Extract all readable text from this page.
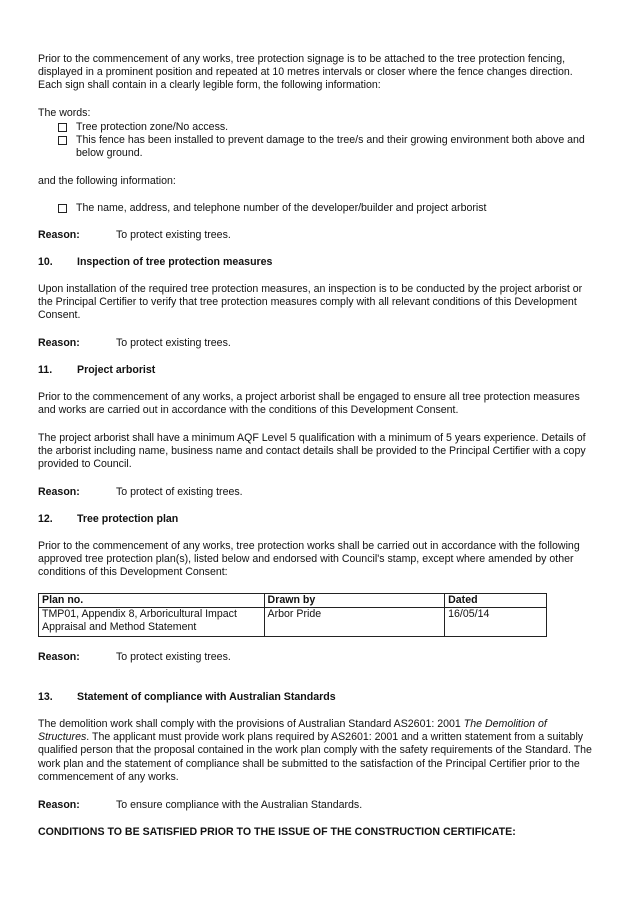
Prior to the commencement of any works, tree protection signage is to be attached to the tree protection fencing, displayed in a prominent position and repeated at 10 metres intervals or closer where the fence changes direction. Each sign shall contain in a clearly legible form, the following information:

The words:

Tree protection zone/No access.
This fence has been installed to prevent damage to the tree/s and their growing environment both above and below ground.

and the following information:

The name, address, and telephone number of the developer/builder and project arborist
Reason:	To protect existing trees.
10.	Inspection of tree protection measures

Upon installation of the required tree protection measures, an inspection is to be conducted by the project arborist or the Principal Certifier to verify that tree protection measures comply with all relevant conditions of this Development Consent.

Reason:	To protect existing trees.
11.	Project arborist

Prior to the commencement of any works, a project arborist shall be engaged to ensure all tree protection measures and works are carried out in accordance with the conditions of this Development Consent.

The project arborist shall have a minimum AQF Level 5 qualification with a minimum of 5 years experience. Details of the arborist including name, business name and contact details shall be provided to the Principal Certifier with a copy provided to Council.

Reason:	To protect of existing trees.
12.	Tree protection plan

Prior to the commencement of any works, tree protection works shall be carried out in accordance with the following approved tree protection plan(s), listed below and endorsed with Council's stamp, except where amended by other conditions of this Development Consent:

Plan no.	Drawn by	Dated
TMP01, Appendix 8, Arboricultural Impact Appraisal and Method Statement	Arbor Pride	16/05/14
Reason:	To protect existing trees.
13.	Statement of compliance with Australian Standards

The demolition work shall comply with the provisions of Australian Standard AS2601: 2001 The Demolition of Structures. The applicant must provide work plans required by AS2601: 2001 and a written statement from a suitably qualified person that the proposal contained in the work plan comply with the safety requirements of the Standard. The work plan and the statement of compliance shall be submitted to the satisfaction of the Principal Certifier prior to the commencement of any works.

Reason:	To ensure compliance with the Australian Standards.

CONDITIONS TO BE SATISFIED PRIOR TO THE ISSUE OF THE CONSTRUCTION CERTIFICATE:
